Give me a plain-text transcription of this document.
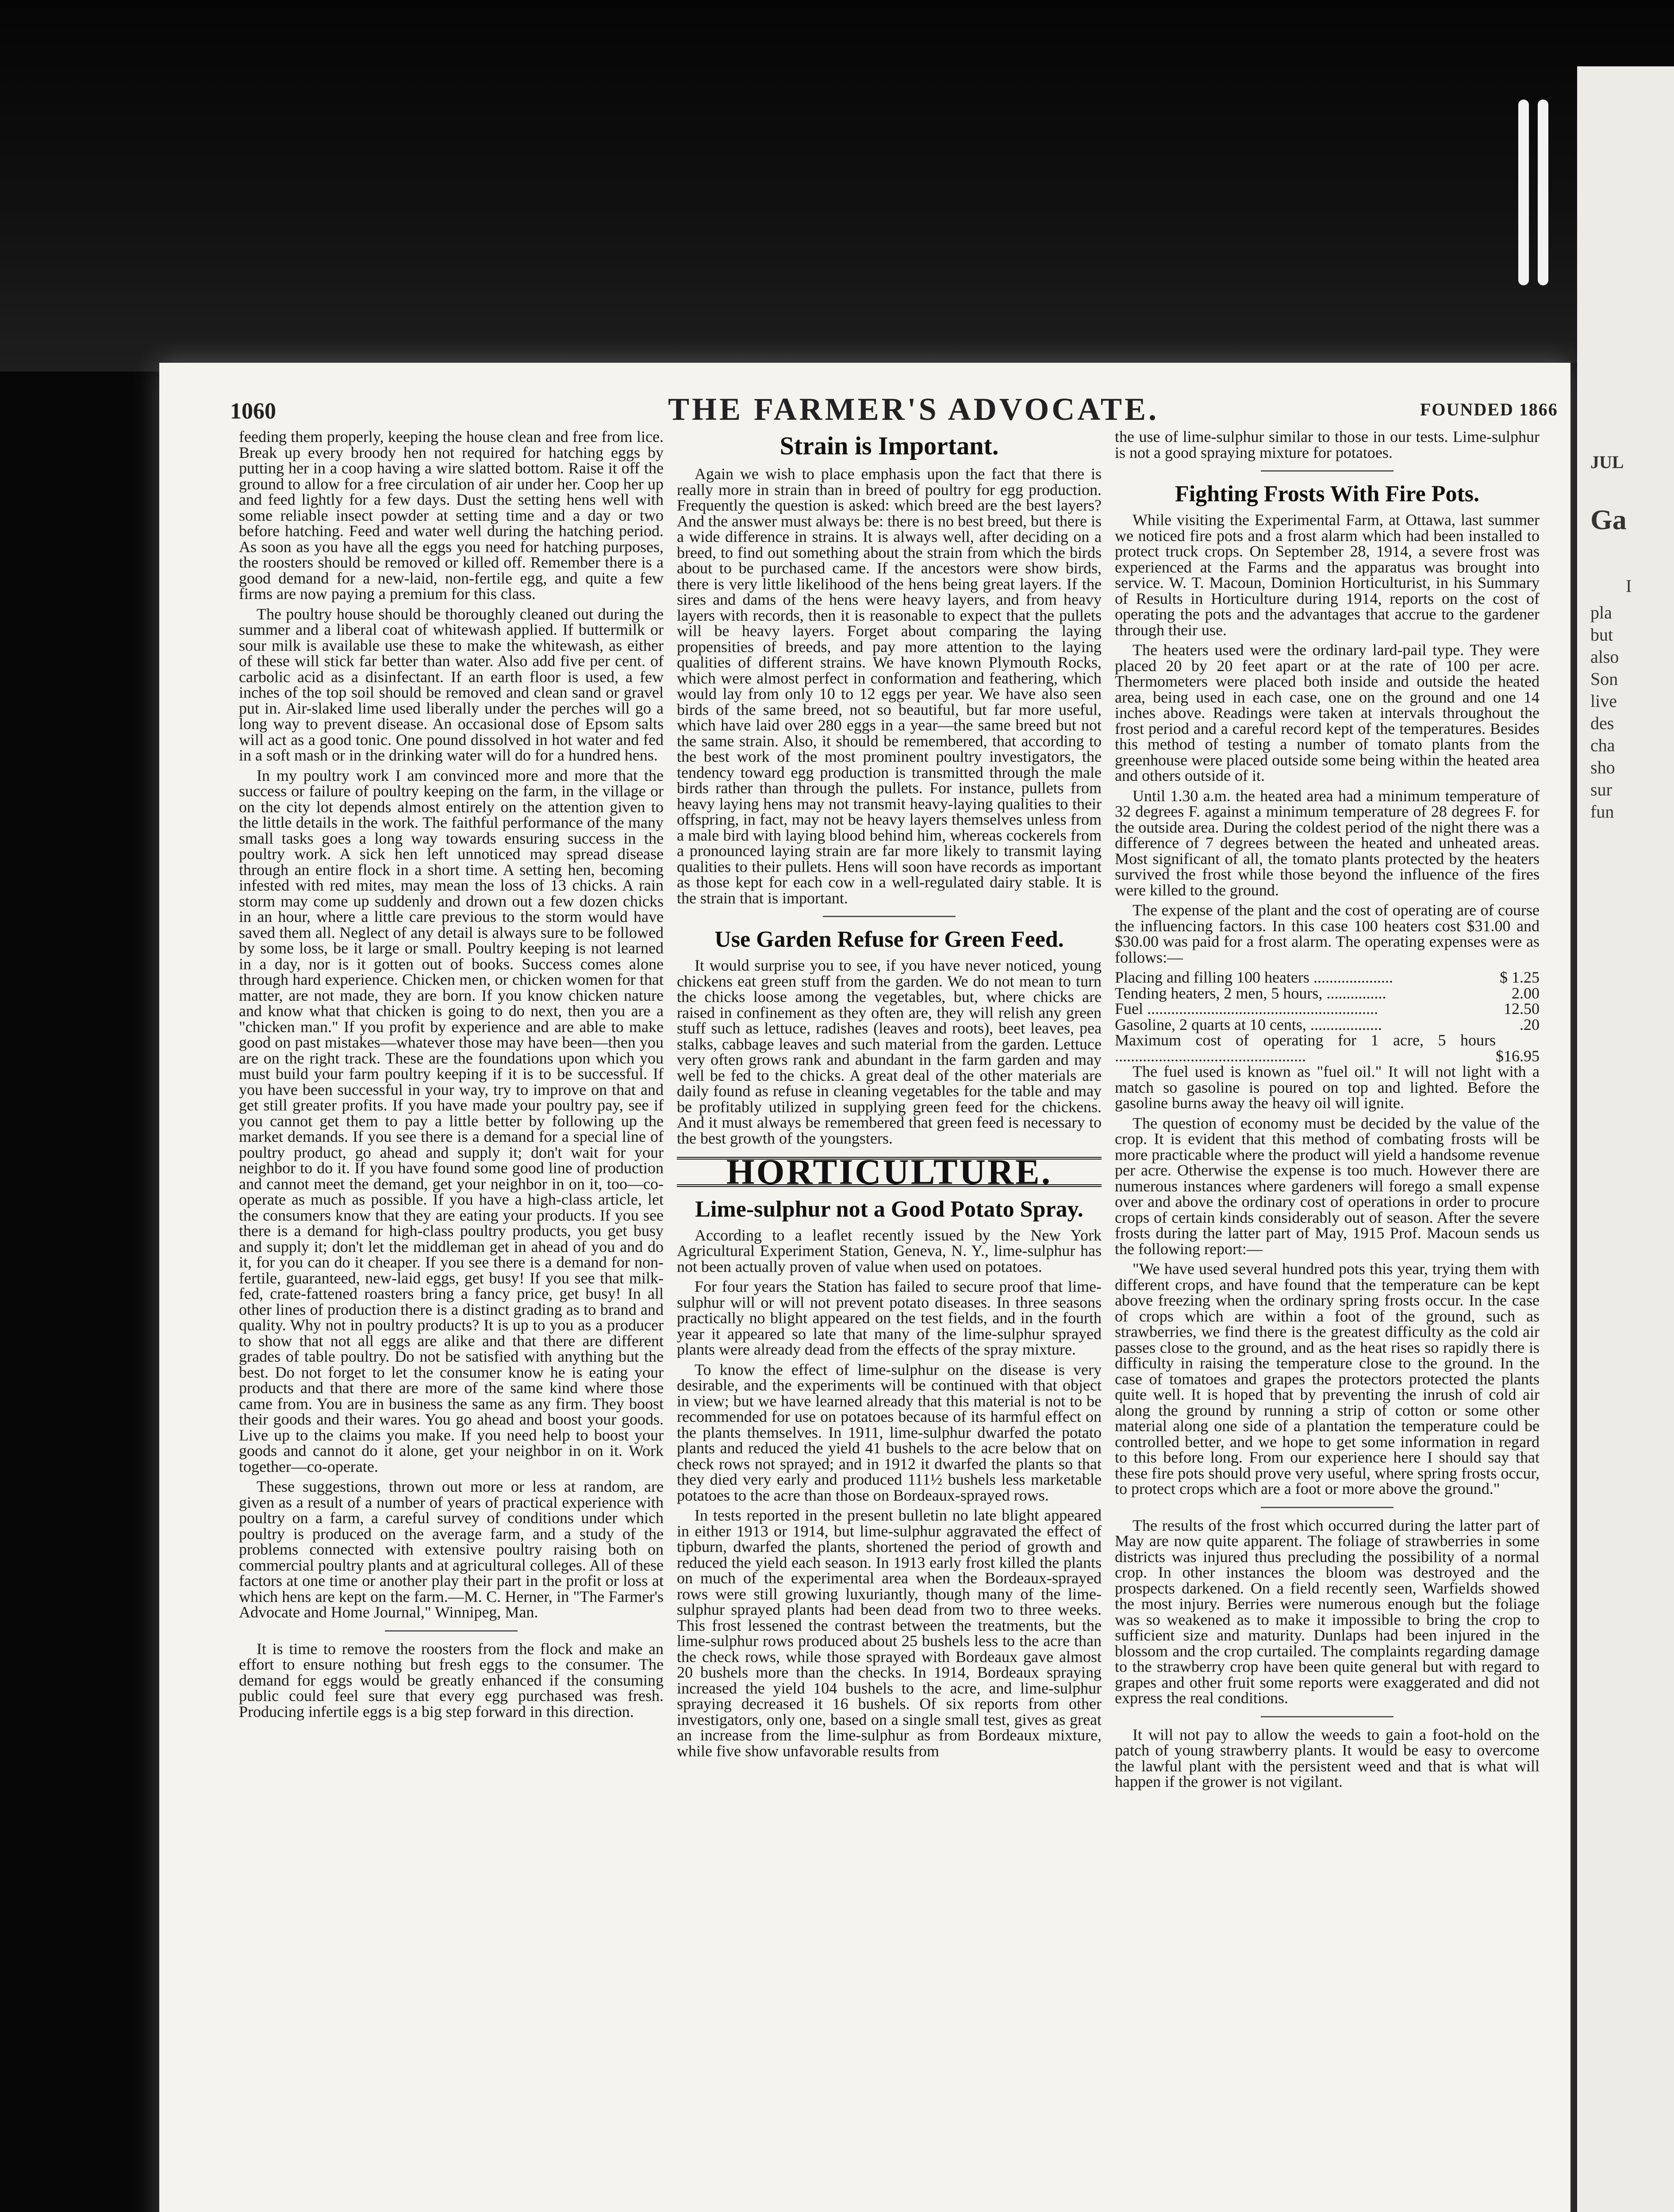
JUL
Ga
I
pla
but
also
Son
live
des
cha
sho
sur
fun
1060	THE FARMER'S ADVOCATE.	FOUNDED 1866

feeding them properly, keeping the house clean and free from lice. Break up every broody hen not required for hatching eggs by putting her in a coop having a wire slatted bottom. Raise it off the ground to allow for a free circulation of air under her. Coop her up and feed lightly for a few days. Dust the setting hens well with some reliable insect powder at setting time and a day or two before hatching. Feed and water well during the hatching period. As soon as you have all the eggs you need for hatching purposes, the roosters should be removed or killed off. Remember there is a good demand for a new-laid, non-fertile egg, and quite a few firms are now paying a premium for this class.

The poultry house should be thoroughly cleaned out during the summer and a liberal coat of whitewash applied. If buttermilk or sour milk is available use these to make the whitewash, as either of these will stick far better than water. Also add five per cent. of carbolic acid as a disinfectant. If an earth floor is used, a few inches of the top soil should be removed and clean sand or gravel put in. Air-slaked lime used liberally under the perches will go a long way to prevent disease. An occasional dose of Epsom salts will act as a good tonic. One pound dissolved in hot water and fed in a soft mash or in the drinking water will do for a hundred hens.

In my poultry work I am convinced more and more that the success or failure of poultry keeping on the farm, in the village or on the city lot depends almost entirely on the attention given to the little details in the work. The faithful performance of the many small tasks goes a long way towards ensuring success in the poultry work. A sick hen left unnoticed may spread disease through an entire flock in a short time. A setting hen, becoming infested with red mites, may mean the loss of 13 chicks. A rain storm may come up suddenly and drown out a few dozen chicks in an hour, where a little care previous to the storm would have saved them all. Neglect of any detail is always sure to be followed by some loss, be it large or small. Poultry keeping is not learned in a day, nor is it gotten out of books. Success comes alone through hard experience. Chicken men, or chicken women for that matter, are not made, they are born. If you know chicken nature and know what that chicken is going to do next, then you are a "chicken man." If you profit by experience and are able to make good on past mistakes—whatever those may have been—then you are on the right track. These are the foundations upon which you must build your farm poultry keeping if it is to be successful. If you have been successful in your way, try to improve on that and get still greater profits. If you have made your poultry pay, see if you cannot get them to pay a little better by following up the market demands. If you see there is a demand for a special line of poultry product, go ahead and supply it; don't wait for your neighbor to do it. If you have found some good line of production and cannot meet the demand, get your neighbor in on it, too—co-operate as much as possible. If you have a high-class article, let the consumers know that they are eating your products. If you see there is a demand for high-class poultry products, you get busy and supply it; don't let the middleman get in ahead of you and do it, for you can do it cheaper. If you see there is a demand for non-fertile, guaranteed, new-laid eggs, get busy! If you see that milk-fed, crate-fattened roasters bring a fancy price, get busy! In all other lines of production there is a distinct grading as to brand and quality. Why not in poultry products? It is up to you as a producer to show that not all eggs are alike and that there are different grades of table poultry. Do not be satisfied with anything but the best. Do not forget to let the consumer know he is eating your products and that there are more of the same kind where those came from. You are in business the same as any firm. They boost their goods and their wares. You go ahead and boost your goods. Live up to the claims you make. If you need help to boost your goods and cannot do it alone, get your neighbor in on it. Work together—co-operate.

These suggestions, thrown out more or less at random, are given as a result of a number of years of practical experience with poultry on a farm, a careful survey of conditions under which poultry is produced on the average farm, and a study of the problems connected with extensive poultry raising both on commercial poultry plants and at agricultural colleges. All of these factors at one time or another play their part in the profit or loss at which hens are kept on the farm.—M. C. Herner, in "The Farmer's Advocate and Home Journal," Winnipeg, Man.

It is time to remove the roosters from the flock and make an effort to ensure nothing but fresh eggs to the consumer. The demand for eggs would be greatly enhanced if the consuming public could feel sure that every egg purchased was fresh. Producing infertile eggs is a big step forward in this direction.

Strain is Important.

Again we wish to place emphasis upon the fact that there is really more in strain than in breed of poultry for egg production. Frequently the question is asked: which breed are the best layers? And the answer must always be: there is no best breed, but there is a wide difference in strains. It is always well, after deciding on a breed, to find out something about the strain from which the birds about to be purchased came. If the ancestors were show birds, there is very little likelihood of the hens being great layers. If the sires and dams of the hens were heavy layers, and from heavy layers with records, then it is reasonable to expect that the pullets will be heavy layers. Forget about comparing the laying propensities of breeds, and pay more attention to the laying qualities of different strains. We have known Plymouth Rocks, which were almost perfect in conformation and feathering, which would lay from only 10 to 12 eggs per year. We have also seen birds of the same breed, not so beautiful, but far more useful, which have laid over 280 eggs in a year—the same breed but not the same strain. Also, it should be remembered, that according to the best work of the most prominent poultry investigators, the tendency toward egg production is transmitted through the male birds rather than through the pullets. For instance, pullets from heavy laying hens may not transmit heavy-laying qualities to their offspring, in fact, may not be heavy layers themselves unless from a male bird with laying blood behind him, whereas cockerels from a pronounced laying strain are far more likely to transmit laying qualities to their pullets. Hens will soon have records as important as those kept for each cow in a well-regulated dairy stable. It is the strain that is important.

Use Garden Refuse for Green Feed.

It would surprise you to see, if you have never noticed, young chickens eat green stuff from the garden. We do not mean to turn the chicks loose among the vegetables, but, where chicks are raised in confinement as they often are, they will relish any green stuff such as lettuce, radishes (leaves and roots), beet leaves, pea stalks, cabbage leaves and such material from the garden. Lettuce very often grows rank and abundant in the farm garden and may well be fed to the chicks. A great deal of the other materials are daily found as refuse in cleaning vegetables for the table and may be profitably utilized in supplying green feed for the chickens. And it must always be remembered that green feed is necessary to the best growth of the youngsters.

HORTICULTURE.
Lime-sulphur not a Good Potato Spray.

According to a leaflet recently issued by the New York Agricultural Experiment Station, Geneva, N. Y., lime-sulphur has not been actually proven of value when used on potatoes.

For four years the Station has failed to secure proof that lime-sulphur will or will not prevent potato diseases. In three seasons practically no blight appeared on the test fields, and in the fourth year it appeared so late that many of the lime-sulphur sprayed plants were already dead from the effects of the spray mixture.

To know the effect of lime-sulphur on the disease is very desirable, and the experiments will be continued with that object in view; but we have learned already that this material is not to be recommended for use on potatoes because of its harmful effect on the plants themselves. In 1911, lime-sulphur dwarfed the potato plants and reduced the yield 41 bushels to the acre below that on check rows not sprayed; and in 1912 it dwarfed the plants so that they died very early and produced 111½ bushels less marketable potatoes to the acre than those on Bordeaux-sprayed rows.

In tests reported in the present bulletin no late blight appeared in either 1913 or 1914, but lime-sulphur aggravated the effect of tipburn, dwarfed the plants, shortened the period of growth and reduced the yield each season. In 1913 early frost killed the plants on much of the experimental area when the Bordeaux-sprayed rows were still growing luxuriantly, though many of the lime-sulphur sprayed plants had been dead from two to three weeks. This frost lessened the contrast between the treatments, but the lime-sulphur rows produced about 25 bushels less to the acre than the check rows, while those sprayed with Bordeaux gave almost 20 bushels more than the checks. In 1914, Bordeaux spraying increased the yield 104 bushels to the acre, and lime-sulphur spraying decreased it 16 bushels. Of six reports from other investigators, only one, based on a single small test, gives as great an increase from the lime-sulphur as from Bordeaux mixture, while five show unfavorable results from

the use of lime-sulphur similar to those in our tests. Lime-sulphur is not a good spraying mixture for potatoes.

Fighting Frosts With Fire Pots.

While visiting the Experimental Farm, at Ottawa, last summer we noticed fire pots and a frost alarm which had been installed to protect truck crops. On September 28, 1914, a severe frost was experienced at the Farms and the apparatus was brought into service. W. T. Macoun, Dominion Horticulturist, in his Summary of Results in Horticulture during 1914, reports on the cost of operating the pots and the advantages that accrue to the gardener through their use.

The heaters used were the ordinary lard-pail type. They were placed 20 by 20 feet apart or at the rate of 100 per acre. Thermometers were placed both inside and outside the heated area, being used in each case, one on the ground and one 14 inches above. Readings were taken at intervals throughout the frost period and a careful record kept of the temperatures. Besides this method of testing a number of tomato plants from the greenhouse were placed outside some being within the heated area and others outside of it.

Until 1.30 a.m. the heated area had a minimum temperature of 32 degrees F. against a minimum temperature of 28 degrees F. for the outside area. During the coldest period of the night there was a difference of 7 degrees between the heated and unheated areas. Most significant of all, the tomato plants protected by the heaters survived the frost while those beyond the influence of the fires were killed to the ground.

The expense of the plant and the cost of operating are of course the influencing factors. In this case 100 heaters cost $31.00 and $30.00 was paid for a frost alarm. The operating expenses were as follows:—

Placing and filling 100 heaters ....................	$ 1.25
Tending heaters, 2 men, 5 hours, ...............	2.00
Fuel ..........................................................	12.50
Gasoline, 2 quarts at 10 cents, ..................	.20
Maximum cost of operating for 1 acre, 5 hours ................................................	$16.95

The fuel used is known as "fuel oil." It will not light with a match so gasoline is poured on top and lighted. Before the gasoline burns away the heavy oil will ignite.

The question of economy must be decided by the value of the crop. It is evident that this method of combating frosts will be more practicable where the product will yield a handsome revenue per acre. Otherwise the expense is too much. However there are numerous instances where gardeners will forego a small expense over and above the ordinary cost of operations in order to procure crops of certain kinds considerably out of season. After the severe frosts during the latter part of May, 1915 Prof. Macoun sends us the following report:—

"We have used several hundred pots this year, trying them with different crops, and have found that the temperature can be kept above freezing when the ordinary spring frosts occur. In the case of crops which are within a foot of the ground, such as strawberries, we find there is the greatest difficulty as the cold air passes close to the ground, and as the heat rises so rapidly there is difficulty in raising the temperature close to the ground. In the case of tomatoes and grapes the protectors protected the plants quite well. It is hoped that by preventing the inrush of cold air along the ground by running a strip of cotton or some other material along one side of a plantation the temperature could be controlled better, and we hope to get some information in regard to this before long. From our experience here I should say that these fire pots should prove very useful, where spring frosts occur, to protect crops which are a foot or more above the ground."

The results of the frost which occurred during the latter part of May are now quite apparent. The foliage of strawberries in some districts was injured thus precluding the possibility of a normal crop. In other instances the bloom was destroyed and the prospects darkened. On a field recently seen, Warfields showed the most injury. Berries were numerous enough but the foliage was so weakened as to make it impossible to bring the crop to sufficient size and maturity. Dunlaps had been injured in the blossom and the crop curtailed. The complaints regarding damage to the strawberry crop have been quite general but with regard to grapes and other fruit some reports were exaggerated and did not express the real conditions.

It will not pay to allow the weeds to gain a foot-hold on the patch of young strawberry plants. It would be easy to overcome the lawful plant with the persistent weed and that is what will happen if the grower is not vigilant.
